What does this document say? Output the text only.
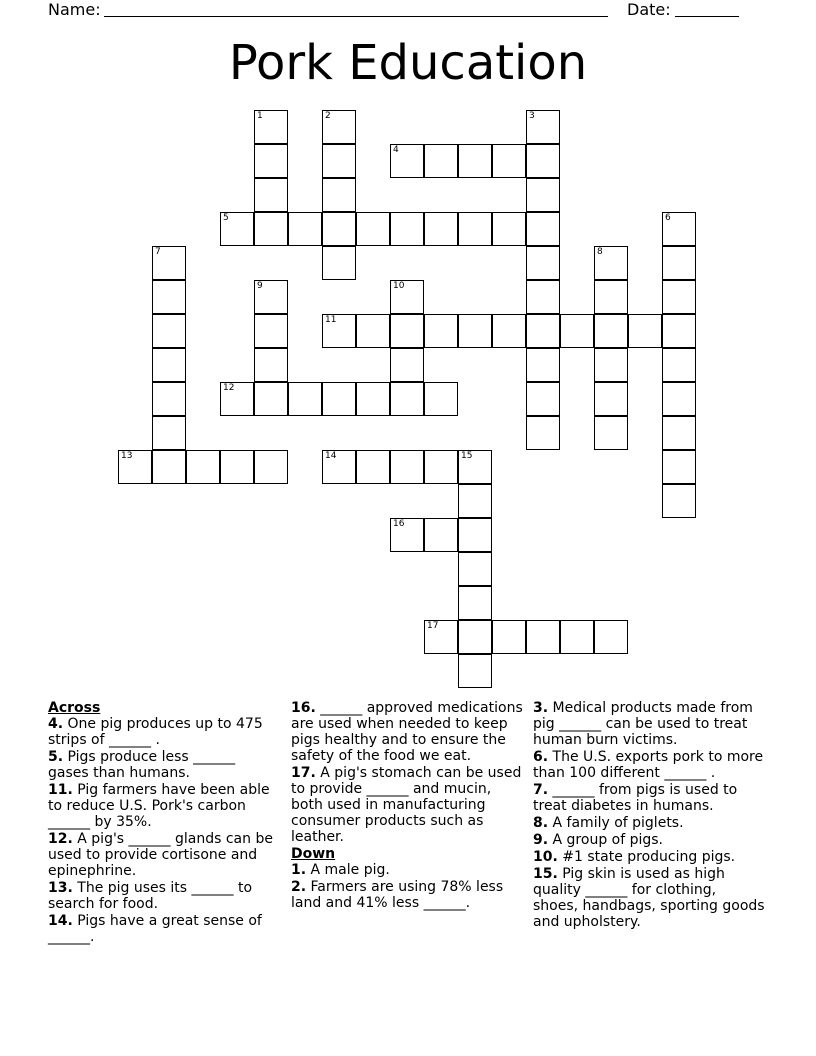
Name:	Date:
Pork Education
1	2	3
4
5	6
7	8
9	10
11
12
13	14	15
16
17
Across
4. One pig produces up to 475 strips of ______ .
5. Pigs produce less ______ gases than humans.
11. Pig farmers have been able to reduce U.S. Pork's carbon ______ by 35%.
12. A pig's ______ glands can be used to provide cortisone and epinephrine.
13. The pig uses its ______ to search for food.
14. Pigs have a great sense of ______.
16. ______ approved medications are used when needed to keep pigs healthy and to ensure the safety of the food we eat.
17. A pig's stomach can be used to provide ______ and mucin, both used in manufacturing consumer products such as leather.
Down
1. A male pig.
2. Farmers are using 78% less land and 41% less ______.
3. Medical products made from pig ______ can be used to treat human burn victims.
6. The U.S. exports pork to more than 100 different ______ .
7. ______ from pigs is used to treat diabetes in humans.
8. A family of piglets.
9. A group of pigs.
10. #1 state producing pigs.
15. Pig skin is used as high quality ______ for clothing, shoes, handbags, sporting goods and upholstery.
